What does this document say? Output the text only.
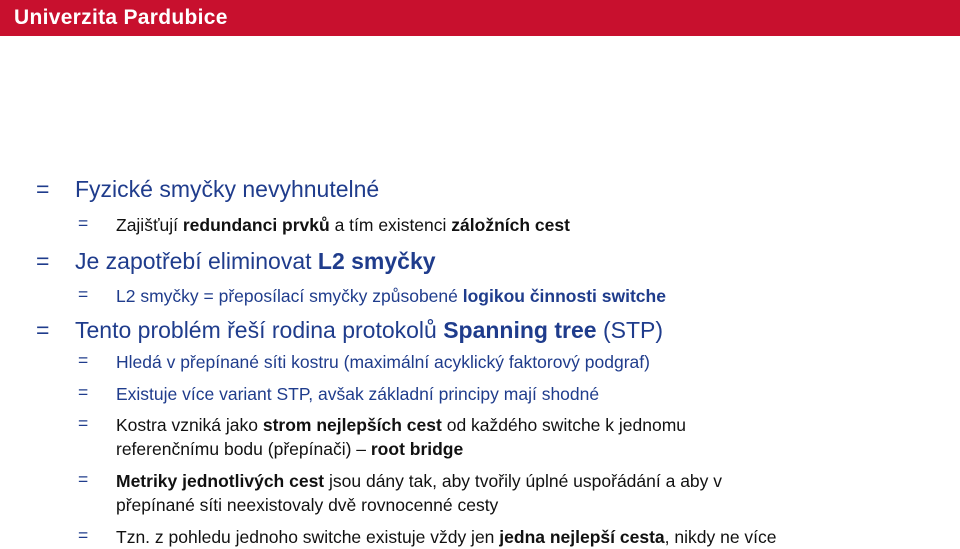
Univerzita Pardubice
= Fyzické smyčky nevyhnutelné
= Zajišťují redundanci prvků a tím existenci záložních cest
= Je zapotřebí eliminovat L2 smyčky
= L2 smyčky = přeposílací smyčky způsobené logikou činnosti switche
= Tento problém řeší rodina protokolů Spanning tree (STP)
= Hledá v přepínané síti kostru (maximální acyklický faktorový podgraf)
= Existuje více variant STP, avšak základní principy mají shodné
= Kostra vzniká jako strom nejlepších cest od každého switche k jednomu
referenčnímu bodu (přepínači) – root bridge
= Metriky jednotlivých cest jsou dány tak, aby tvořily úplné uspořádání a aby v
přepínané síti neexistovaly dvě rovnocenné cesty
= Tzn. z pohledu jednoho switche existuje vždy jen jedna nejlepší cesta, nikdy ne více
